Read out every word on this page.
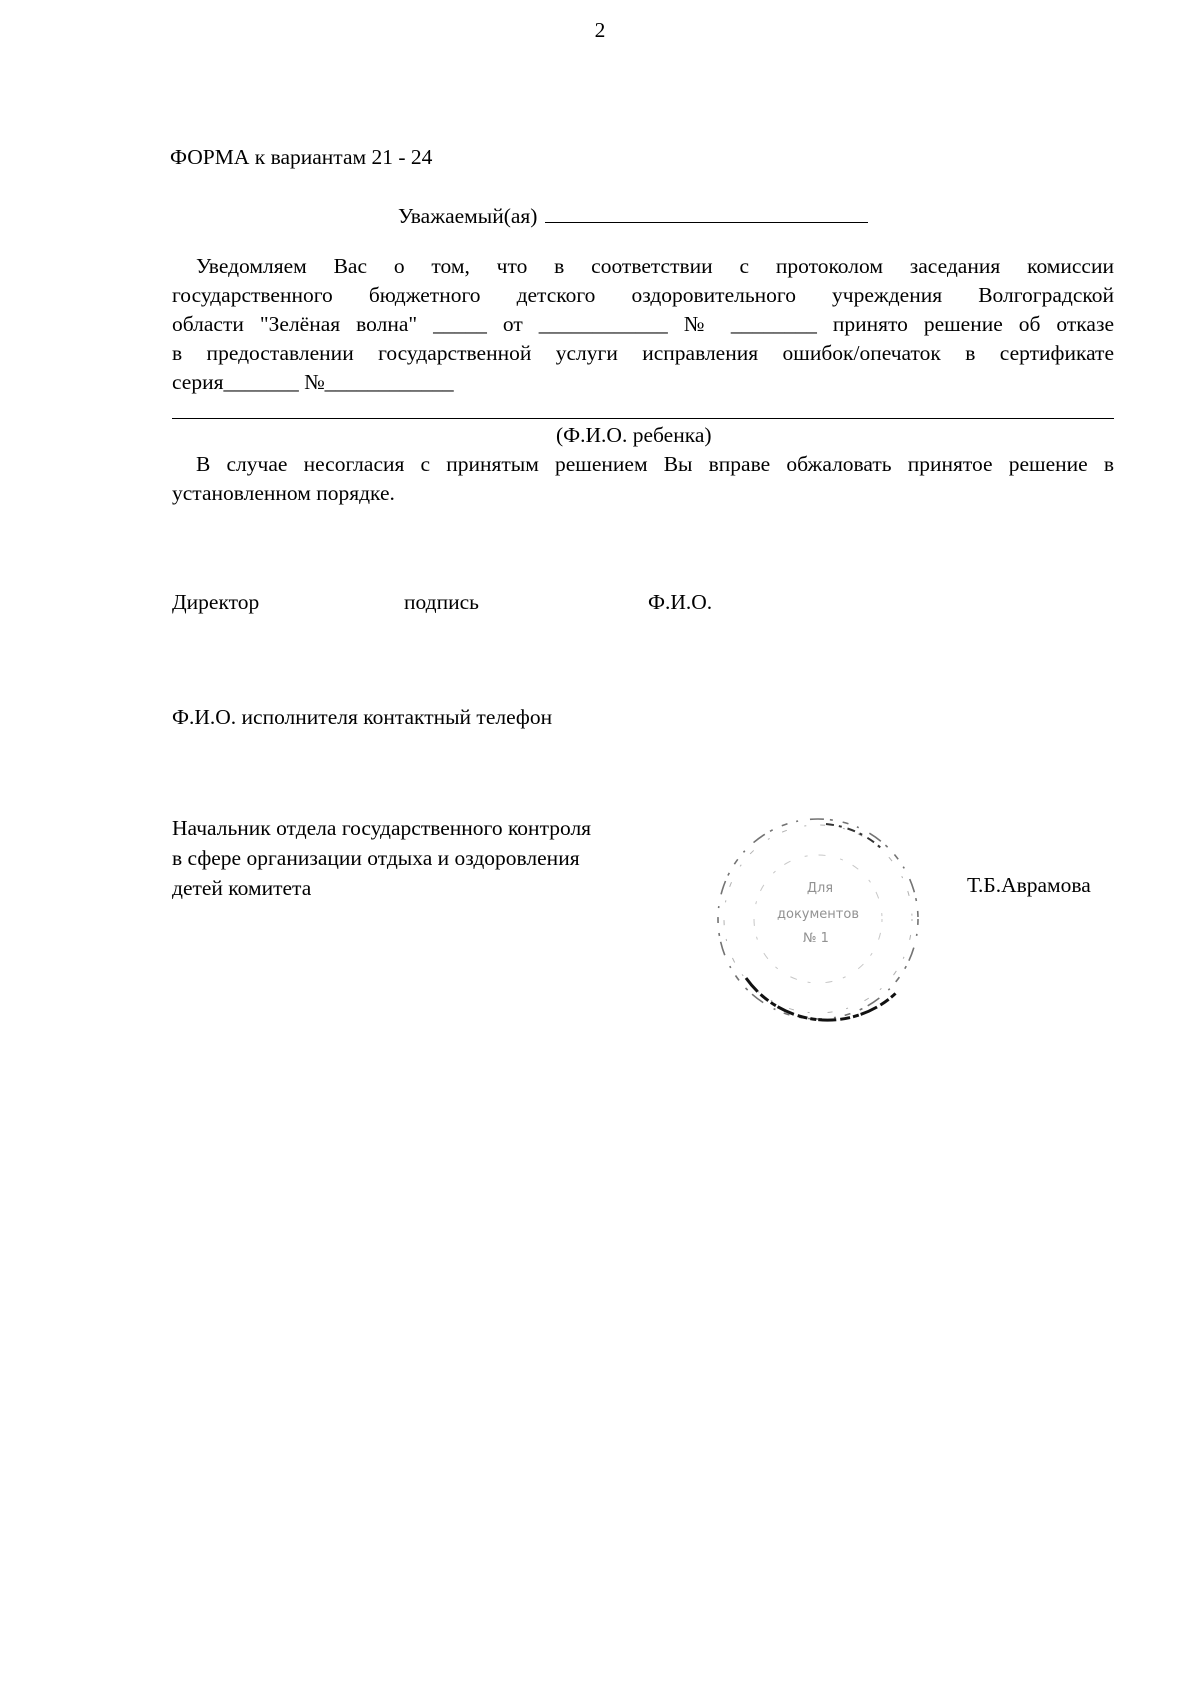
2
ФОРМА к вариантам 21 - 24
Уважаемый(ая)

Уведомляем Вас о том, что в соответствии с протоколом заседания комиссии

государственного бюджетного детского оздоровительного учреждения Волгоградской

области "Зелёная волна" _____ от ____________ № ________ принято решение об отказе

в предоставлении государственной услуги исправления ошибок/опечаток в сертификате

серия_______ №____________

(Ф.И.О. ребенка)

В случае несогласия с принятым решением Вы вправе обжаловать принятое решение в установленном порядке.

Директор	подпись	Ф.И.О.
Ф.И.О. исполнителя контактный телефон
Начальник отдела государственного контроля
в сфере организации отдыха и оздоровления
детей комитета	Т.Б.Аврамова
Для
документов
№ 1
